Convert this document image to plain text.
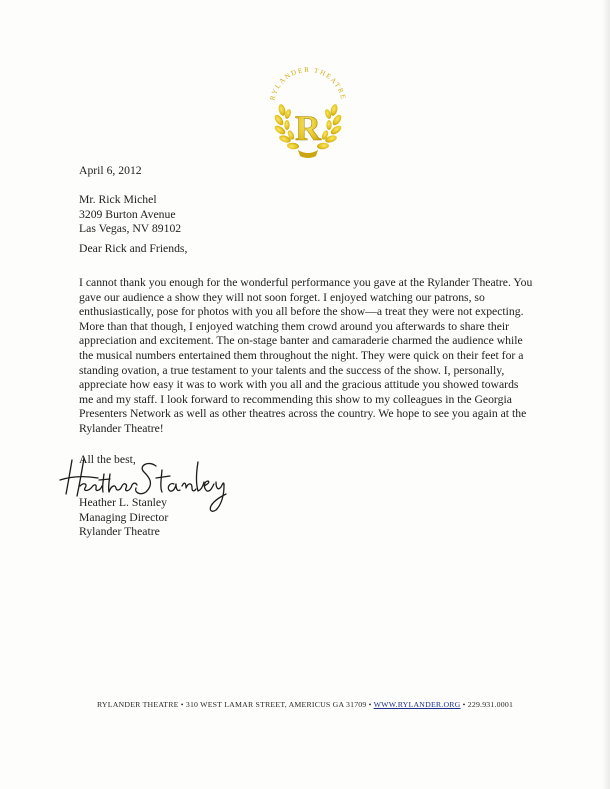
RYLANDER THEATRE
R
April 6, 2012
Mr. Rick Michel
3209 Burton Avenue
Las Vegas, NV 89102
Dear Rick and Friends,
I cannot thank you enough for the wonderful performance you gave at the Rylander Theatre. You
gave our audience a show they will not soon forget. I enjoyed watching our patrons, so
enthusiastically, pose for photos with you all before the show—a treat they were not expecting.
More than that though, I enjoyed watching them crowd around you afterwards to share their
appreciation and excitement. The on-stage banter and camaraderie charmed the audience while
the musical numbers entertained them throughout the night. They were quick on their feet for a
standing ovation, a true testament to your talents and the success of the show. I, personally,
appreciate how easy it was to work with you all and the gracious attitude you showed towards
me and my staff. I look forward to recommending this show to my colleagues in the Georgia
Presenters Network as well as other theatres across the country. We hope to see you again at the
Rylander Theatre!
All the best,
Heather L. Stanley
Managing Director
Rylander Theatre
RYLANDER THEATRE • 310 WEST LAMAR STREET, AMERICUS GA 31709 • WWW.RYLANDER.ORG • 229.931.0001
